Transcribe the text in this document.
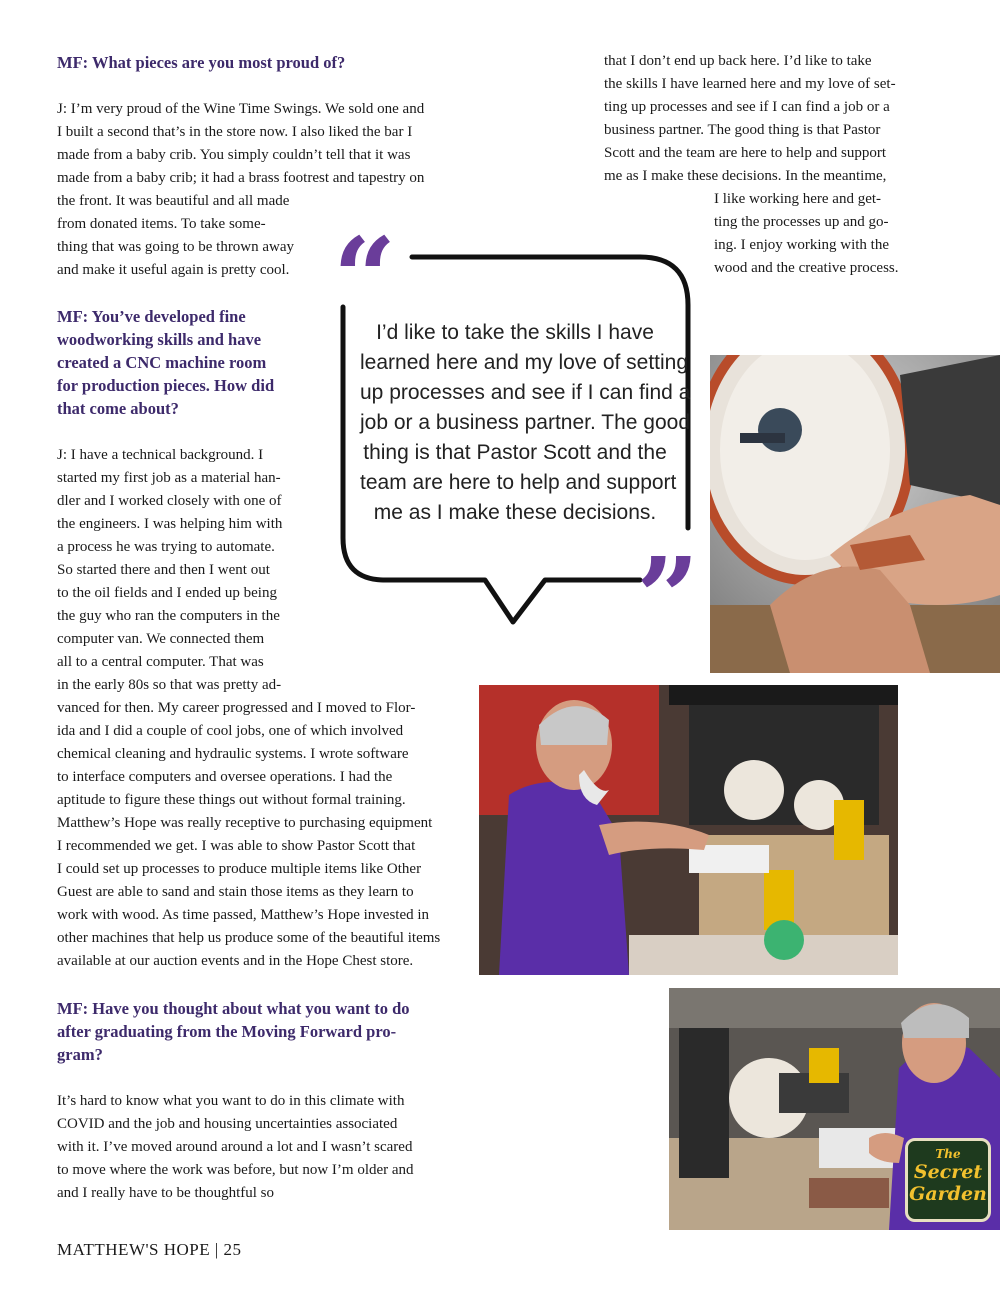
MF: What pieces are you most proud of?
J: I’m very proud of the Wine Time Swings. We sold one and
I built a second that’s in the store now. I also liked the bar I
made from a baby crib. You simply couldn’t tell that it was
made from a baby crib; it had a brass footrest and tapestry on
the front. It was beautiful and all made
from donated items. To take some-
thing that was going to be thrown away
and make it useful again is pretty cool.
MF: You’ve developed fine
woodworking skills and have
created a CNC machine room
for production pieces. How did
that come about?
J: I have a technical background. I
started my first job as a material han-
dler and I worked closely with one of
the engineers. I was helping him with
a process he was trying to automate.
So started there and then I went out
to the oil fields and I ended up being
the guy who ran the computers in the
computer van. We connected them
all to a central computer. That was
in the early 80s so that was pretty ad-
vanced for then. My career progressed and I moved to Flor-
ida and I did a couple of cool jobs, one of which involved
chemical cleaning and hydraulic systems. I wrote software
to interface computers and oversee operations. I had the
aptitude to figure these things out without formal training.
Matthew’s Hope was really receptive to purchasing equipment
I recommended we get. I was able to show Pastor Scott that
I could set up processes to produce multiple items like Other
Guest are able to sand and stain those items as they learn to
work with wood. As time passed, Matthew’s Hope invested in
other machines that help us produce some of the beautiful items
available at our auction events and in the Hope Chest store.
MF: Have you thought about what you want to do
after graduating from the Moving Forward pro-
gram?
It’s hard to know what you want to do in this climate with
COVID and the job and housing uncertainties associated
with it. I’ve moved around around a lot and I wasn’t scared
to move where the work was before, but now I’m older and
and I really have to be thoughtful so
that I don’t end up back here. I’d like to take
the skills I have learned here and my love of set-
ting up processes and see if I can find a job or a
business partner. The good thing is that Pastor
Scott and the team are here to help and support
me as I make these decisions. In the meantime,
I like working here and get-
ting the processes up and go-
ing. I enjoy working with the
wood and the creative process.
“
”
I’d like to take the skills I have
learned here and my love of setting
up processes and see if I can find a
job or a business partner. The good
thing is that Pastor Scott and the
team are here to help and support
me as I make these decisions.
The
Secret
Garden
MATTHEW'S HOPE | 25
